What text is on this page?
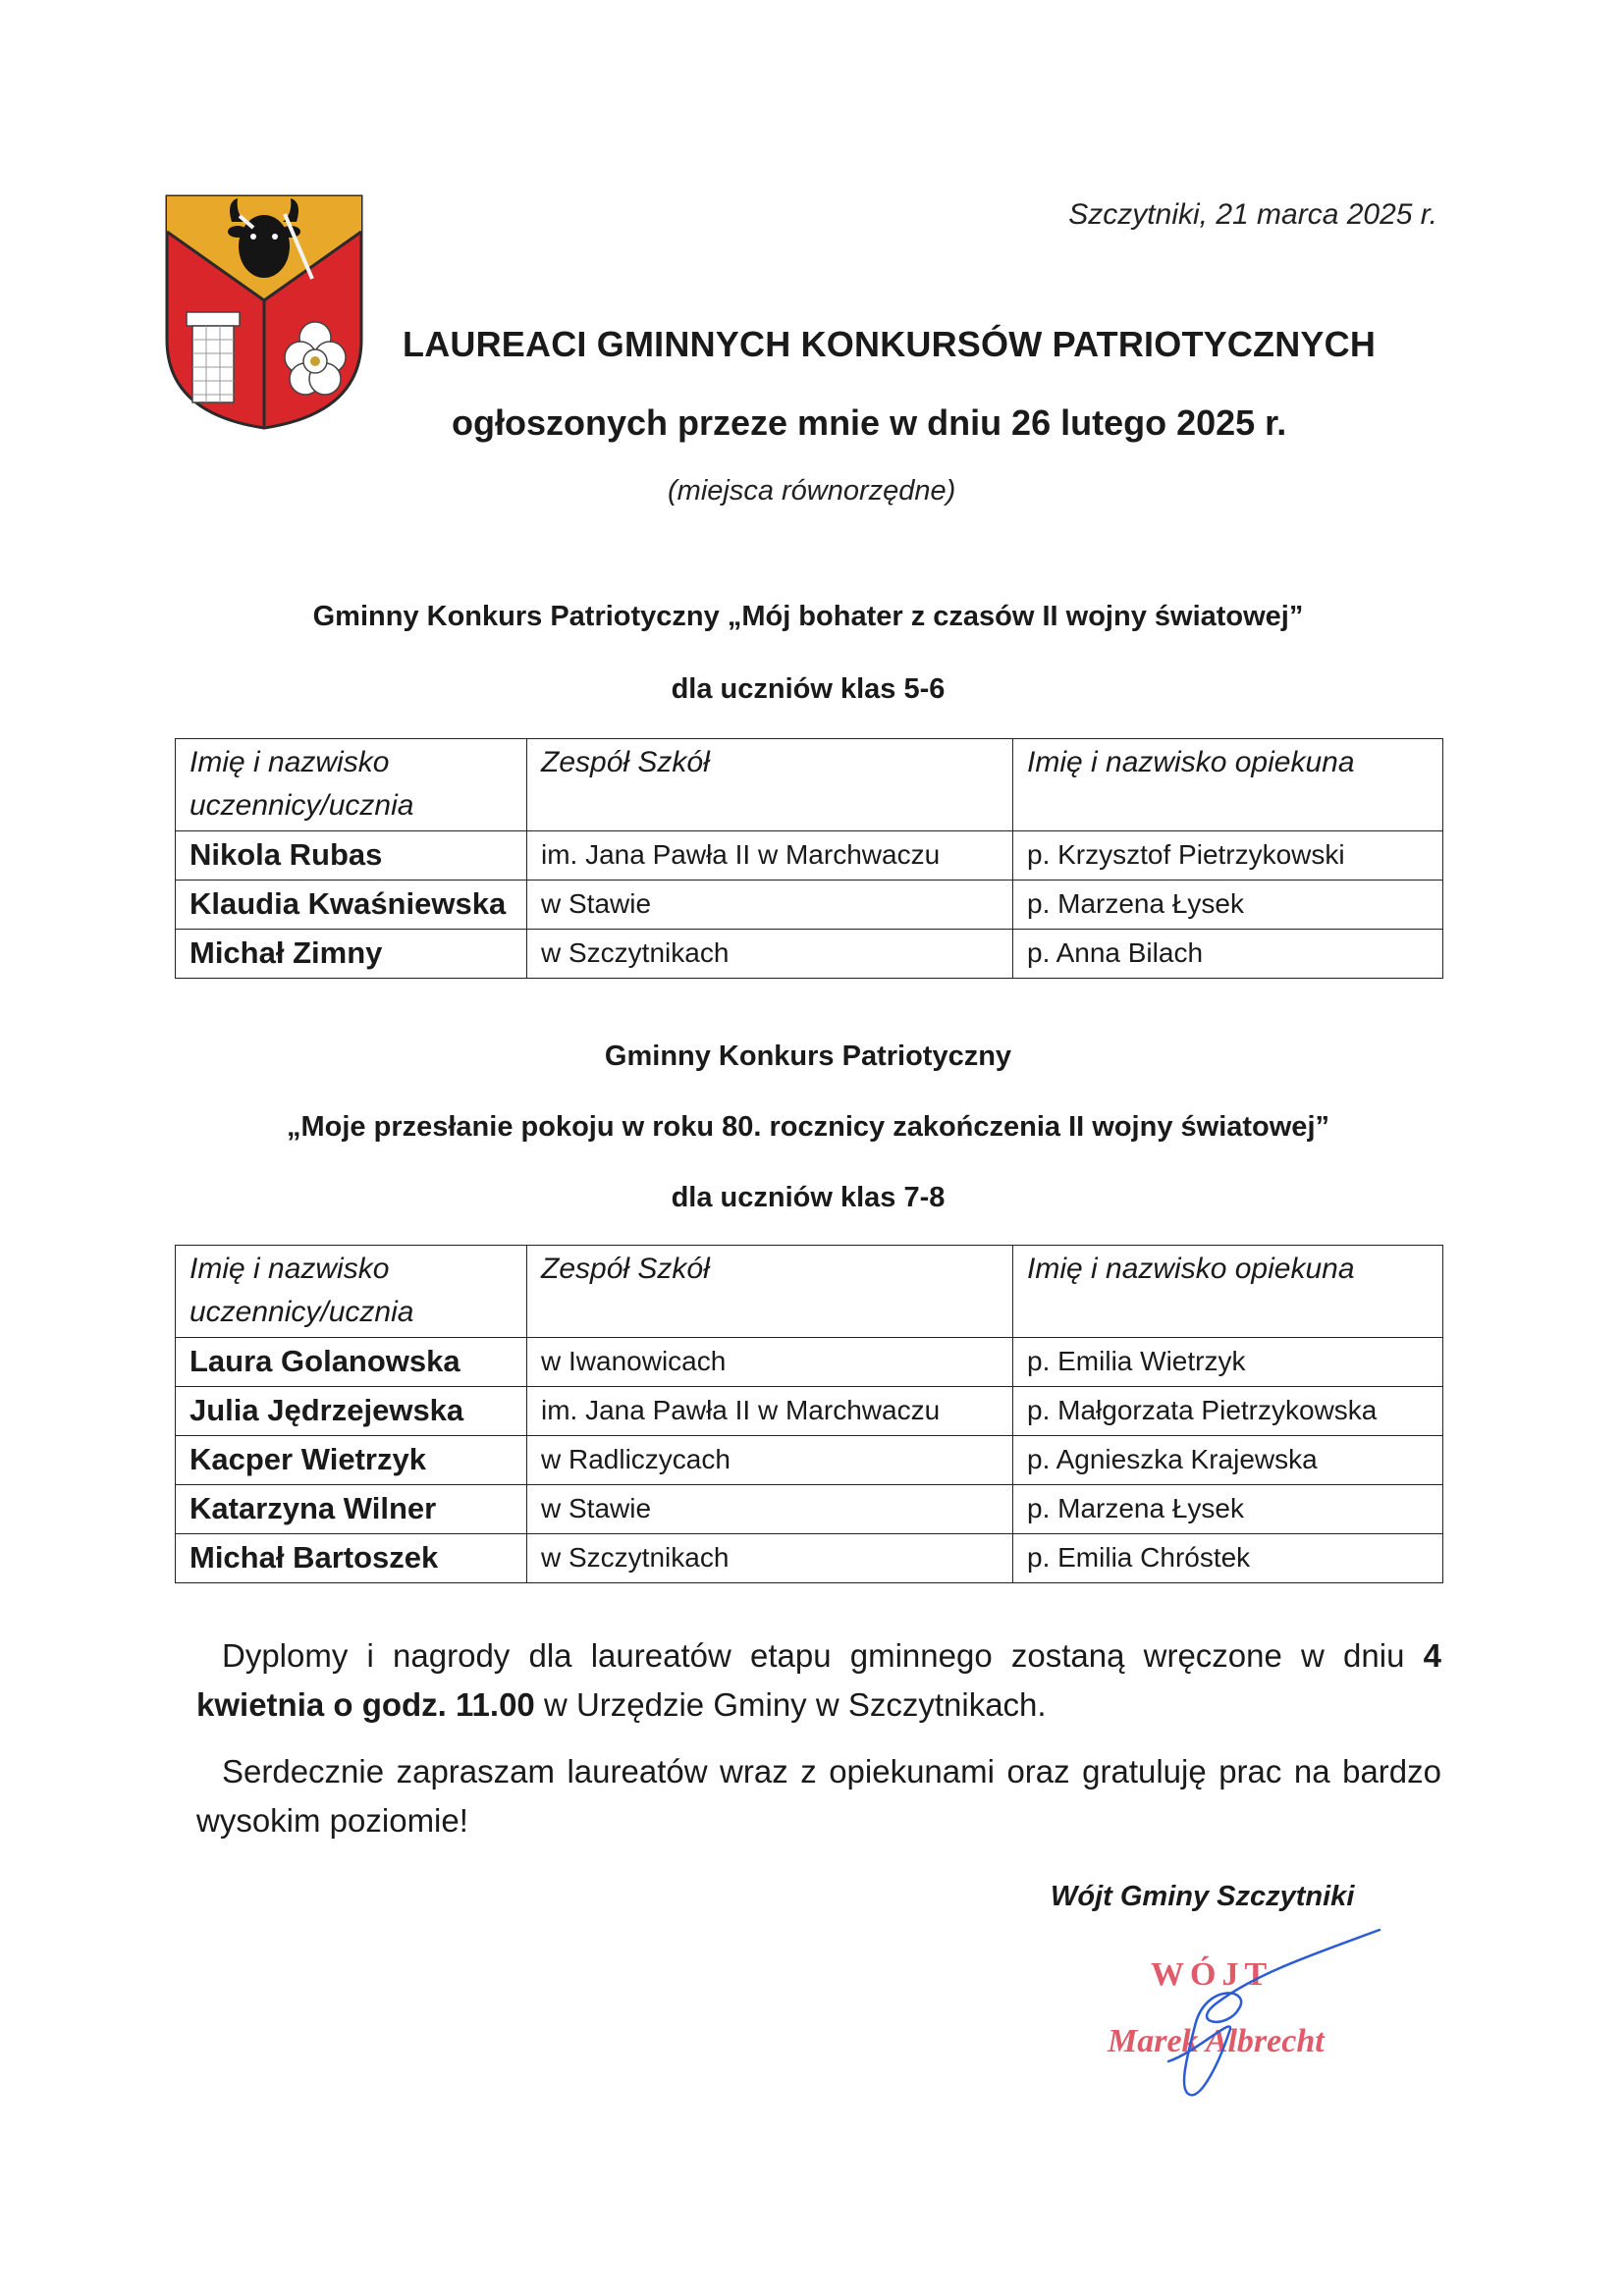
Szczytniki, 21 marca 2025 r.
LAUREACI GMINNYCH KONKURSÓW PATRIOTYCZNYCH
ogłoszonych przeze mnie w dniu 26 lutego 2025 r.
(miejsca równorzędne)
Gminny Konkurs Patriotyczny „Mój bohater z czasów II wojny światowej”
dla uczniów klas 5-6
Imię i nazwisko uczennicy/ucznia	Zespół Szkół	Imię i nazwisko opiekuna
Nikola Rubas	im. Jana Pawła II w Marchwaczu	p. Krzysztof Pietrzykowski
Klaudia Kwaśniewska	w Stawie	p. Marzena Łysek
Michał Zimny	w Szczytnikach	p. Anna Bilach
Gminny Konkurs Patriotyczny
„Moje przesłanie pokoju w roku 80. rocznicy zakończenia II wojny światowej”
dla uczniów klas 7-8
Imię i nazwisko uczennicy/ucznia	Zespół Szkół	Imię i nazwisko opiekuna
Laura Golanowska	w Iwanowicach	p. Emilia Wietrzyk
Julia Jędrzejewska	im. Jana Pawła II w Marchwaczu	p. Małgorzata Pietrzykowska
Kacper Wietrzyk	w Radliczycach	p. Agnieszka Krajewska
Katarzyna Wilner	w Stawie	p. Marzena Łysek
Michał Bartoszek	w Szczytnikach	p. Emilia Chróstek
Dyplomy i nagrody dla laureatów etapu gminnego zostaną wręczone w dniu 4 kwietnia o godz. 11.00 w Urzędzie Gminy w Szczytnikach.
Serdecznie zapraszam laureatów wraz z opiekunami oraz gratuluję prac na bardzo wysokim poziomie!
Wójt Gminy Szczytniki
WÓJT
Marek Albrecht
